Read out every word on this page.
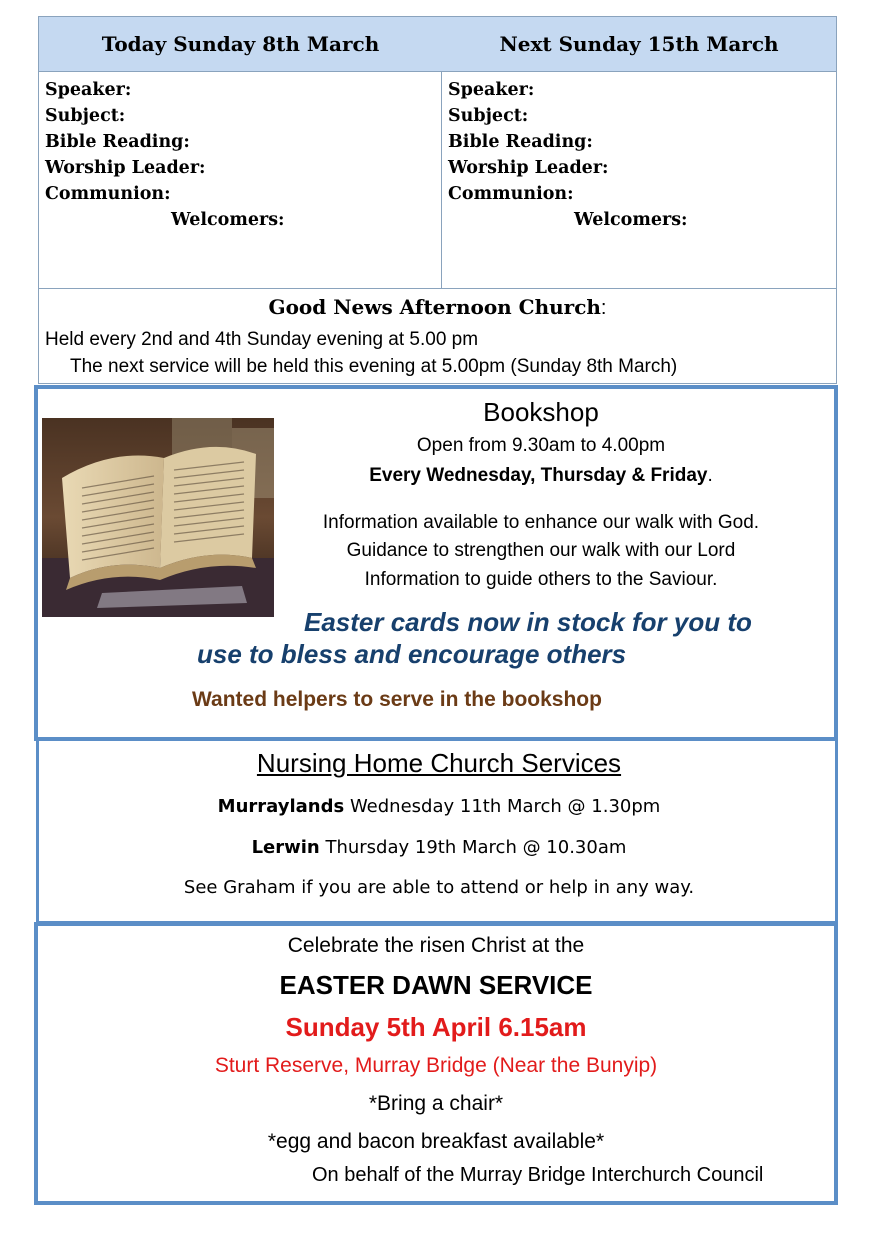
Today Sunday 8th March	Next Sunday 15th March
Speaker:
Subject:
Bible Reading:
Worship Leader:
Communion:
Welcomers:
Speaker:
Subject:
Bible Reading:
Worship Leader:
Communion:
Welcomers:
Good News Afternoon Church:
Held every 2nd and 4th Sunday evening at 5.00 pm
The next service will be held this evening at 5.00pm (Sunday 8th March)
Bookshop
Open from 9.30am to 4.00pm
Every Wednesday, Thursday & Friday.
Information available to enhance our walk with God.
Guidance to strengthen our walk with our Lord
Information to guide others to the Saviour.
Easter cards now in stock for you to
use to bless and encourage others
Wanted helpers to serve in the bookshop
Nursing Home Church Services
Murraylands Wednesday 11th March @ 1.30pm
Lerwin Thursday 19th March @ 10.30am
See Graham if you are able to attend or help in any way.
Celebrate the risen Christ at the
EASTER DAWN SERVICE
Sunday 5th April 6.15am
Sturt Reserve, Murray Bridge (Near the Bunyip)
*Bring a chair*
*egg and bacon breakfast available*
On behalf of the Murray Bridge Interchurch Council
